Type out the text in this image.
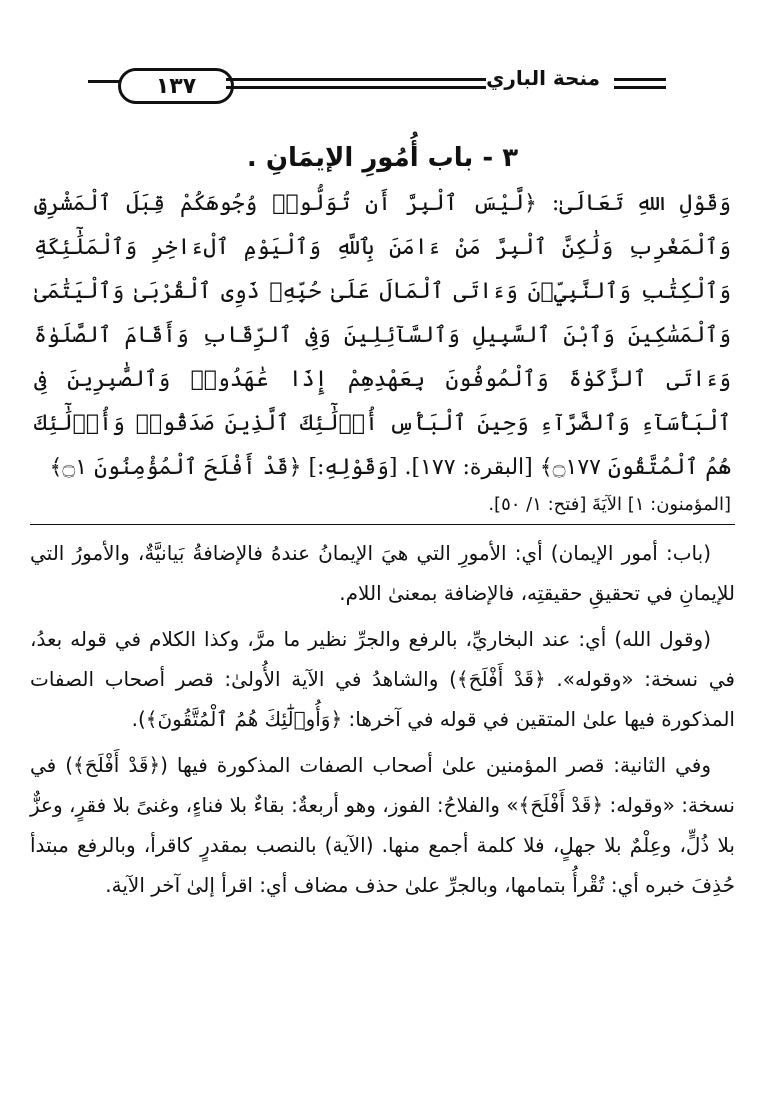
١٣٧	منحة الباري
٣ - باب أُمُورِ الإيمَانِ .

وَقَوْلِ اللهِ تَعَالَىٰ: ﴿لَّيْسَ ٱلْبِرَّ أَن تُوَلُّوا۟ وُجُوهَكُمْ قِبَلَ ٱلْمَشْرِقِ وَٱلْمَغْرِبِ وَلَٰكِنَّ ٱلْبِرَّ مَنْ ءَامَنَ بِٱللَّهِ وَٱلْيَوْمِ ٱلْءَاخِرِ وَٱلْمَلَٰٓئِكَةِ وَٱلْكِتَٰبِ وَٱلنَّبِيِّۦنَ وَءَاتَى ٱلْمَالَ عَلَىٰ حُبِّهِۦ ذَوِى ٱلْقُرْبَىٰ وَٱلْيَتَٰمَىٰ وَٱلْمَسَٰكِينَ وَٱبْنَ ٱلسَّبِيلِ وَٱلسَّآئِلِينَ وَفِى ٱلرِّقَابِ وَأَقَامَ ٱلصَّلَوٰةَ وَءَاتَى ٱلزَّكَوٰةَ وَٱلْمُوفُونَ بِعَهْدِهِمْ إِذَا عَٰهَدُوا۟ وَٱلصَّٰبِرِينَ فِى ٱلْبَأْسَآءِ وَٱلضَّرَّآءِ وَحِينَ ٱلْبَأْسِ أُو۟لَٰٓئِكَ ٱلَّذِينَ صَدَقُوا۟ وَأُو۟لَٰٓئِكَ هُمُ ٱلْمُتَّقُونَ ۝١٧٧﴾ [البقرة: ١٧٧]. [وَقَوْلِهِ:] ﴿قَدْ أَفْلَحَ ٱلْمُؤْمِنُونَ ۝١﴾

[المؤمنون: ١] الآيَةَ [فتح: ١/ ٥٠].

(باب: أمور الإيمان) أي: الأمورِ التي هيَ الإيمانُ عندهُ فالإضافةُ بَيانيَّةٌ، والأمورُ التي للإيمانِ في تحقيقِ حقيقتِه، فالإضافة بمعنىٰ اللام.

(وقول الله) أي: عند البخاريِّ، بالرفع والجرِّ نظير ما مرَّ، وكذا الكلام في قوله بعدُ، في نسخة: «وقوله». ﴿قَدْ أَفْلَحَ﴾) والشاهدُ في الآية الأُولىٰ: قصر أصحاب الصفات المذكورة فيها علىٰ المتقين في قوله في آخرها: ﴿وَأُو۟لَٰٓئِكَ هُمُ ٱلْمُتَّقُونَ﴾).

وفي الثانية: قصر المؤمنين علىٰ أصحاب الصفات المذكورة فيها (﴿قَدْ أَفْلَحَ﴾) في نسخة: «وقوله: ﴿قَدْ أَفْلَحَ﴾» والفلاحُ: الفوز، وهو أربعةٌ: بقاءٌ بلا فناءٍ، وغنىً بلا فقرٍ، وعزٌّ بلا ذُلٍّ، وعِلْمٌ بلا جهلٍ، فلا كلمة أجمع منها. (الآية) بالنصب بمقدرٍ كاقرأ، وبالرفع مبتدأ حُذِفَ خبره أي: تُقْرأُ بتمامها، وبالجرِّ علىٰ حذف مضاف أي: اقرأ إلىٰ آخر الآية.
